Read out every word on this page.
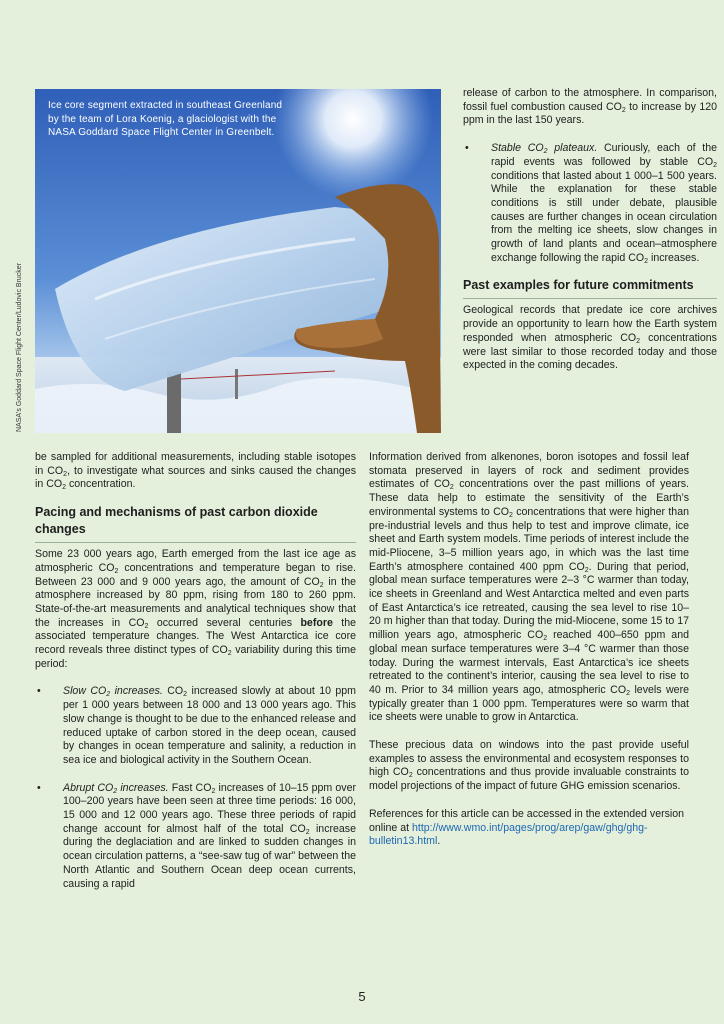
NASA's Goddard Space Flight Center/Ludovic Brucker
Ice core segment extracted in southeast Greenland by the team of Lora Koenig, a glaciologist with the NASA Goddard Space Flight Center in Greenbelt.

release of carbon to the atmosphere. In comparison, fossil fuel combustion caused $CO_2$ to increase by 120 ppm in the last 150 years.

• Stable $CO_2$ plateaux. Curiously, each of the rapid events was followed by stable $CO_2$ conditions that lasted about 1 000–1 500 years. While the explanation for these stable conditions is still under debate, plausible causes are further changes in ocean circulation from the melting ice sheets, slow changes in growth of land plants and ocean–atmosphere exchange following the rapid $CO_2$ increases.

Past examples for future commitments

Geological records that predate ice core archives provide an opportunity to learn how the Earth system responded when atmospheric $CO_2$ concentrations were last similar to those recorded today and those expected in the coming decades.

be sampled for additional measurements, including stable isotopes in $CO_2$, to investigate what sources and sinks caused the changes in $CO_2$ concentration.

Pacing and mechanisms of past carbon dioxide changes

Some 23 000 years ago, Earth emerged from the last ice age as atmospheric $CO_2$ concentrations and temperature began to rise. Between 23 000 and 9 000 years ago, the amount of $CO_2$ in the atmosphere increased by 80 ppm, rising from 180 to 260 ppm. State-of-the-art measurements and analytical techniques show that the increases in $CO_2$ occurred several centuries before the associated temperature changes. The West Antarctica ice core record reveals three distinct types of $CO_2$ variability during this time period:

• Slow $CO_2$ increases. $CO_2$ increased slowly at about 10 ppm per 1 000 years between 18 000 and 13 000 years ago. This slow change is thought to be due to the enhanced release and reduced uptake of carbon stored in the deep ocean, caused by changes in ocean temperature and salinity, a reduction in sea ice and biological activity in the Southern Ocean.

• Abrupt $CO_2$ increases. Fast $CO_2$ increases of 10–15 ppm over 100–200 years have been seen at three time periods: 16 000, 15 000 and 12 000 years ago. These three periods of rapid change account for almost half of the total $CO_2$ increase during the deglaciation and are linked to sudden changes in ocean circulation patterns, a “see-saw tug of war” between the North Atlantic and Southern Ocean deep ocean currents, causing a rapid

Information derived from alkenones, boron isotopes and fossil leaf stomata preserved in layers of rock and sediment provides estimates of $CO_2$ concentrations over the past millions of years. These data help to estimate the sensitivity of the Earth’s environmental systems to $CO_2$ concentrations that were higher than pre-industrial levels and thus help to test and improve climate, ice sheet and Earth system models. Time periods of interest include the mid-Pliocene, 3–5 million years ago, in which was the last time Earth’s atmosphere contained 400 ppm $CO_2$. During that period, global mean surface temperatures were 2–3 °C warmer than today, ice sheets in Greenland and West Antarctica melted and even parts of East Antarctica’s ice retreated, causing the sea level to rise 10–20 m higher than that today. During the mid-Miocene, some 15 to 17 million years ago, atmospheric $CO_2$ reached 400–650 ppm and global mean surface temperatures were 3–4 °C warmer than those today. During the warmest intervals, East Antarctica’s ice sheets retreated to the continent’s interior, causing the sea level to rise to 40 m. Prior to 34 million years ago, atmospheric $CO_2$ levels were typically greater than 1 000 ppm. Temperatures were so warm that ice sheets were unable to grow in Antarctica.

These precious data on windows into the past provide useful examples to assess the environmental and ecosystem responses to high $CO_2$ concentrations and thus provide invaluable constraints to model projections of the impact of future GHG emission scenarios.

References for this article can be accessed in the extended version online at http://www.wmo.int/pages/prog/arep/gaw/ghg/ghg-bulletin13.html.

5
